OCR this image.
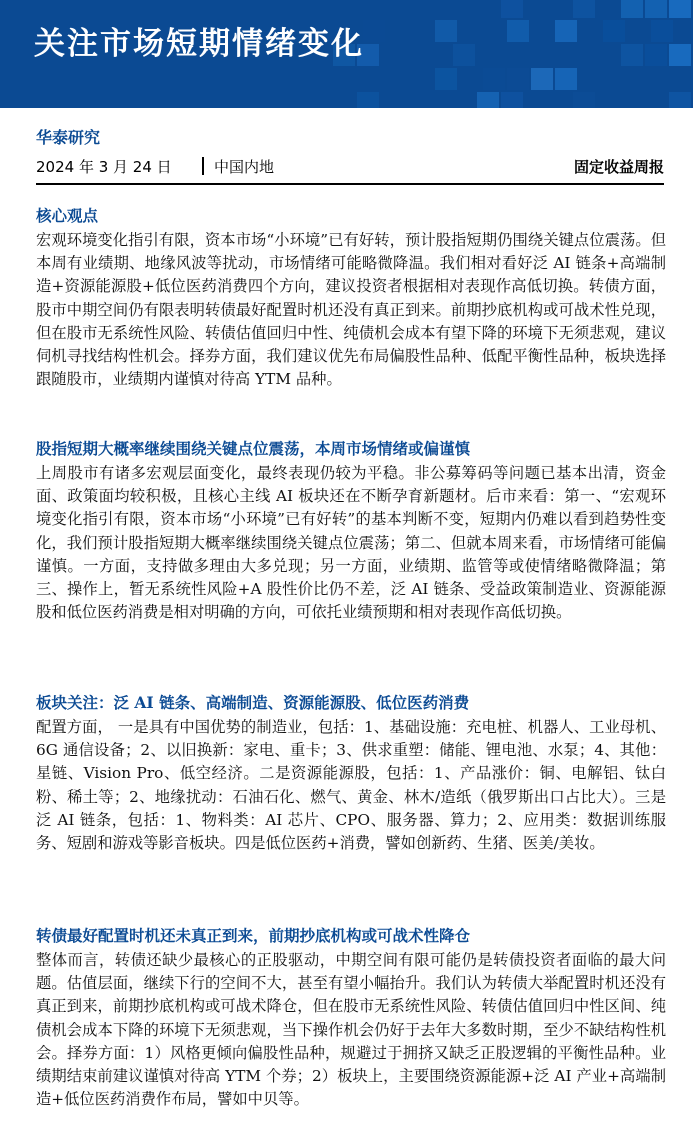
关注市场短期情绪变化
华泰研究
2024 年 3 月 24 日	中国内地	固定收益周报
核心观点

宏观环境变化指引有限，资本市场“小环境”已有好转，预计股指短期仍围绕关键点位震荡。但本周有业绩期、地缘风波等扰动，市场情绪可能略微降温。我们相对看好泛 AI 链条+高端制造+资源能源股+低位医药消费四个方向，建议投资者根据相对表现作高低切换。转债方面，股市中期空间仍有限表明转债最好配置时机还没有真正到来。前期抄底机构或可战术性兑现，但在股市无系统性风险、转债估值回归中性、纯债机会成本有望下降的环境下无须悲观，建议伺机寻找结构性机会。择券方面，我们建议优先布局偏股性品种、低配平衡性品种，板块选择跟随股市，业绩期内谨慎对待高 YTM 品种。

股指短期大概率继续围绕关键点位震荡，本周市场情绪或偏谨慎

上周股市有诸多宏观层面变化，最终表现仍较为平稳。非公募筹码等问题已基本出清，资金面、政策面均较积极，且核心主线 AI 板块还在不断孕育新题材。后市来看：第一、“宏观环境变化指引有限，资本市场“小环境”已有好转”的基本判断不变，短期内仍难以看到趋势性变化，我们预计股指短期大概率继续围绕关键点位震荡；第二、但就本周来看，市场情绪可能偏谨慎。一方面，支持做多理由大多兑现；另一方面，业绩期、监管等或使情绪略微降温；第三、操作上，暂无系统性风险+A 股性价比仍不差，泛 AI 链条、受益政策制造业、资源能源股和低位医药消费是相对明确的方向，可依托业绩预期和相对表现作高低切换。

板块关注：泛 AI 链条、高端制造、资源能源股、低位医药消费

配置方面， 一是具有中国优势的制造业，包括：1、基础设施：充电桩、机器人、工业母机、6G 通信设备；2、以旧换新：家电、重卡；3、供求重塑：储能、锂电池、水泵；4、其他：星链、Vision Pro、低空经济。二是资源能源股，包括：1、产品涨价：铜、电解铝、钛白粉、稀土等；2、地缘扰动：石油石化、燃气、黄金、林木/造纸（俄罗斯出口占比大）。三是泛 AI 链条，包括：1、物料类：AI 芯片、CPO、服务器、算力；2、应用类：数据训练服务、短剧和游戏等影音板块。四是低位医药+消费，譬如创新药、生猪、医美/美妆。

转债最好配置时机还未真正到来，前期抄底机构或可战术性降仓

整体而言，转债还缺少最核心的正股驱动，中期空间有限可能仍是转债投资者面临的最大问题。估值层面，继续下行的空间不大，甚至有望小幅抬升。我们认为转债大举配置时机还没有真正到来，前期抄底机构或可战术降仓，但在股市无系统性风险、转债估值回归中性区间、纯债机会成本下降的环境下无须悲观，当下操作机会仍好于去年大多数时期，至少不缺结构性机会。择券方面：1）风格更倾向偏股性品种，规避过于拥挤又缺乏正股逻辑的平衡性品种。业绩期结束前建议谨慎对待高 YTM 个券；2）板块上，主要围绕资源能源+泛 AI 产业+高端制造+低位医药消费作布局，譬如中贝等。
